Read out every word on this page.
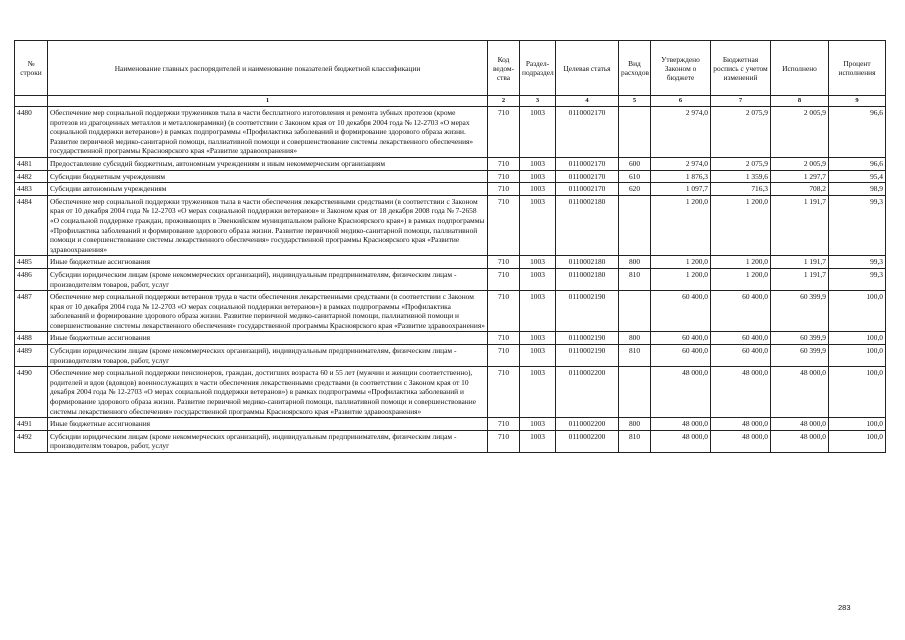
№ строки	Наименование главных распорядителей и наименование показателей бюджетной классификации	Код ведом-ства	Раздел-подраздел	Целевая статья	Вид расходов	Утверждено Законом о бюджете	Бюджетная роспись с учетом изменений	Исполнено	Процент исполнения
	1	2	3	4	5	6	7	8	9
4480	Обеспечение мер социальной поддержки тружеников тыла в части бесплатного изготовления и ремонта зубных протезов (кроме протезов из драгоценных металлов и металлокерамики) (в соответствии с Законом края от 10 декабря 2004 года № 12-2703 «О мерах социальной поддержки ветеранов») в рамках подпрограммы «Профилактика заболеваний и формирование здорового образа жизни. Развитие первичной медико-санитарной помощи, паллиативной помощи и совершенствование системы лекарственного обеспечения» государственной программы Красноярского края «Развитие здравоохранения»	710	1003	0110002170		2 974,0	2 075,9	2 005,9	96,6
4481	Предоставление субсидий бюджетным, автономным учреждениям и иным некоммерческим организациям	710	1003	0110002170	600	2 974,0	2 075,9	2 005,9	96,6
4482	Субсидии бюджетным учреждениям	710	1003	0110002170	610	1 876,3	1 359,6	1 297,7	95,4
4483	Субсидии автономным учреждениям	710	1003	0110002170	620	1 097,7	716,3	708,2	98,9
4484	Обеспечение мер социальной поддержки тружеников тыла в части обеспечения лекарственными средствами (в соответствии с Законом края от 10 декабря 2004 года № 12-2703 «О мерах социальной поддержки ветеранов» и Законом края от 18 декабря 2008 года № 7-2658 «О социальной поддержке граждан, проживающих в Эвенкийском муниципальном районе Красноярского края») в рамках подпрограммы «Профилактика заболеваний и формирование здорового образа жизни. Развитие первичной медико-санитарной помощи, паллиативной помощи и совершенствование системы лекарственного обеспечения» государственной программы Красноярского края «Развитие здравоохранения»	710	1003	0110002180		1 200,0	1 200,0	1 191,7	99,3
4485	Иные бюджетные ассигнования	710	1003	0110002180	800	1 200,0	1 200,0	1 191,7	99,3
4486	Субсидии юридическим лицам (кроме некоммерческих организаций), индивидуальным предпринимателям, физическим лицам - производителям товаров, работ, услуг	710	1003	0110002180	810	1 200,0	1 200,0	1 191,7	99,3
4487	Обеспечение мер социальной поддержки ветеранов труда в части обеспечения лекарственными средствами (в соответствии с Законом края от 10 декабря 2004 года № 12-2703 «О мерах социальной поддержки ветеранов») в рамках подпрограммы «Профилактика заболеваний и формирование здорового образа жизни. Развитие первичной медико-санитарной помощи, паллиативной помощи и совершенствование системы лекарственного обеспечения» государственной программы Красноярского края «Развитие здравоохранения»	710	1003	0110002190		60 400,0	60 400,0	60 399,9	100,0
4488	Иные бюджетные ассигнования	710	1003	0110002190	800	60 400,0	60 400,0	60 399,9	100,0
4489	Субсидии юридическим лицам (кроме некоммерческих организаций), индивидуальным предпринимателям, физическим лицам - производителям товаров, работ, услуг	710	1003	0110002190	810	60 400,0	60 400,0	60 399,9	100,0
4490	Обеспечение мер социальной поддержки пенсионеров, граждан, достигших возраста 60 и 55 лет (мужчин и женщин соответственно), родителей и вдов (вдовцов) военнослужащих в части обеспечения лекарственными средствами (в соответствии с Законом края от 10 декабря 2004 года № 12-2703 «О мерах социальной поддержки ветеранов») в рамках подпрограммы «Профилактика заболеваний и формирование здорового образа жизни. Развитие первичной медико-санитарной помощи, паллиативной помощи и совершенствование системы лекарственного обеспечения» государственной программы Красноярского края «Развитие здравоохранения»	710	1003	0110002200		48 000,0	48 000,0	48 000,0	100,0
4491	Иные бюджетные ассигнования	710	1003	0110002200	800	48 000,0	48 000,0	48 000,0	100,0
4492	Субсидии юридическим лицам (кроме некоммерческих организаций), индивидуальным предпринимателям, физическим лицам - производителям товаров, работ, услуг	710	1003	0110002200	810	48 000,0	48 000,0	48 000,0	100,0
283
